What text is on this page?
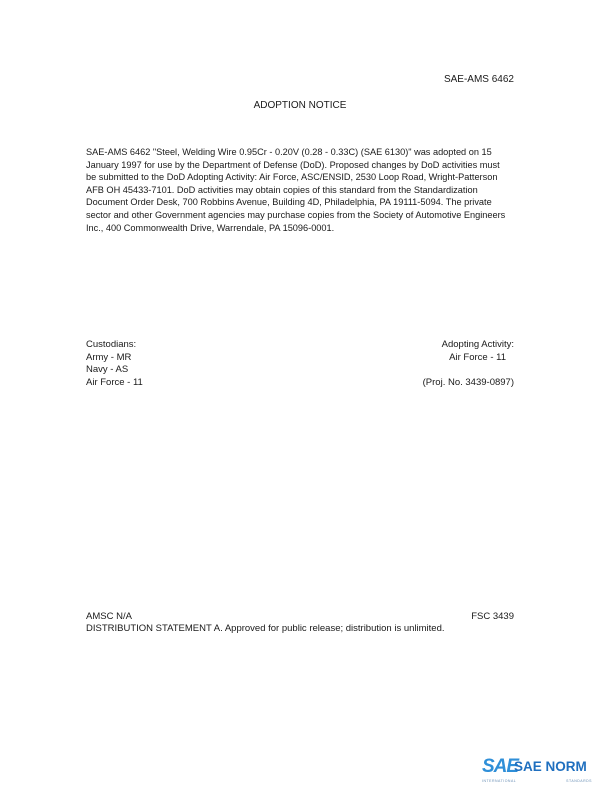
SAE-AMS 6462
ADOPTION NOTICE

SAE-AMS 6462 "Steel, Welding Wire 0.95Cr - 0.20V (0.28 - 0.33C) (SAE 6130)" was adopted on 15 January 1997 for use by the Department of Defense (DoD). Proposed changes by DoD activities must be submitted to the DoD Adopting Activity: Air Force, ASC/ENSID, 2530 Loop Road, Wright-Patterson AFB OH 45433-7101. DoD activities may obtain copies of this standard from the Standardization Document Order Desk, 700 Robbins Avenue, Building 4D, Philadelphia, PA 19111-5094. The private sector and other Government agencies may purchase copies from the Society of Automotive Engineers Inc., 400 Commonwealth Drive, Warrendale, PA 15096-0001.

Custodians:
Army - MR
Navy - AS
Air Force - 11
Adopting Activity:
Air Force - 11
(Proj. No. 3439-0897)
AMSC N/A	FSC 3439
DISTRIBUTION STATEMENT A. Approved for public release; distribution is unlimited.
SAE
SAE NORM
INTERNATIONAL	STANDARDS
